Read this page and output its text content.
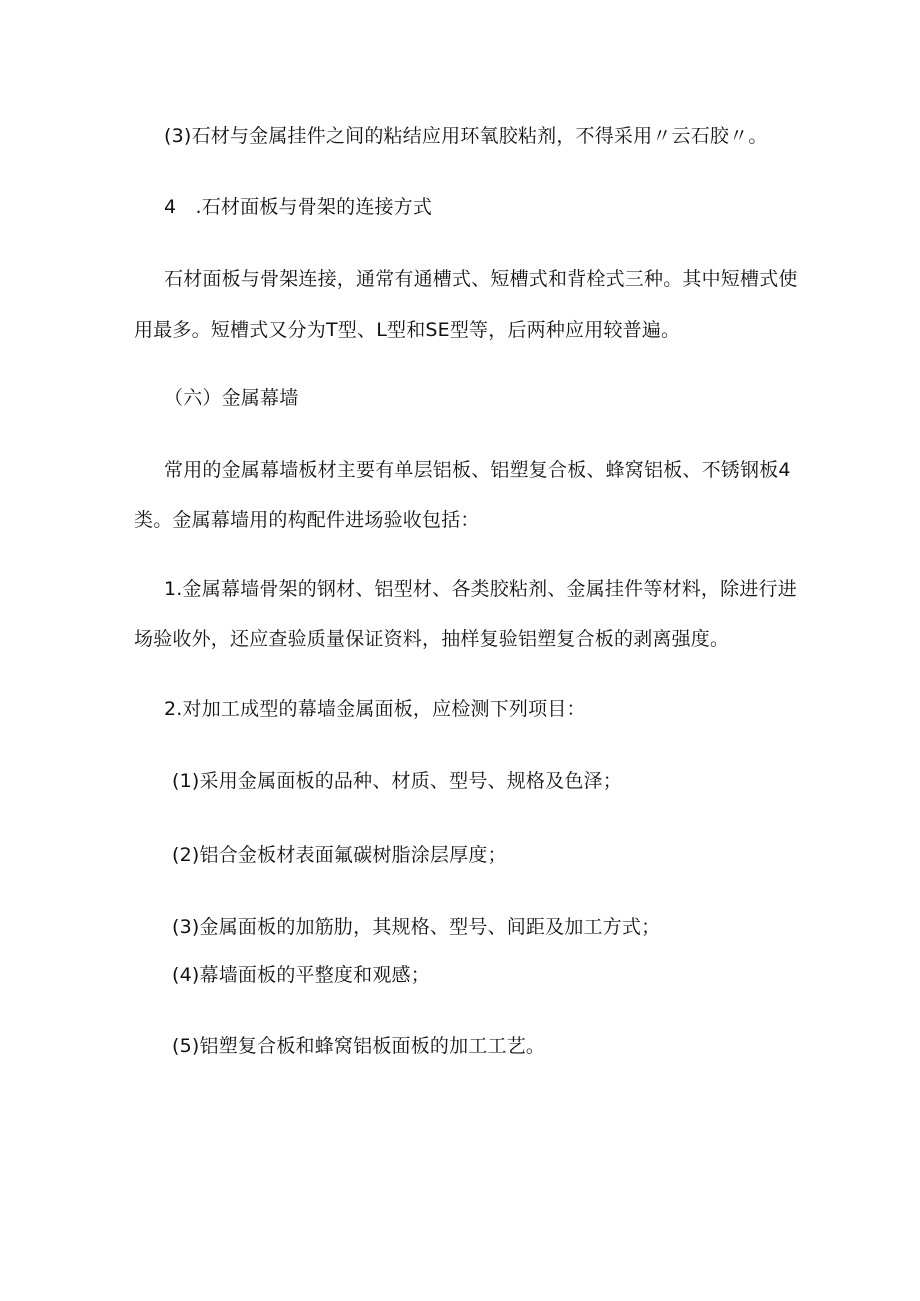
(3)石材与金属挂件之间的粘结应用环氧胶粘剂，不得采用〃云石胶〃。
4　.石材面板与骨架的连接方式
石材面板与骨架连接，通常有通槽式、短槽式和背栓式三种。其中短槽式使
用最多。短槽式又分为T型、L型和SE型等，后两种应用较普遍。
（六）金属幕墙
常用的金属幕墙板材主要有单层铝板、铝塑复合板、蜂窝铝板、不锈钢板4
类。金属幕墙用的构配件进场验收包括：
1.金属幕墙骨架的钢材、铝型材、各类胶粘剂、金属挂件等材料，除进行进
场验收外，还应查验质量保证资料，抽样复验铝塑复合板的剥离强度。
2.对加工成型的幕墙金属面板，应检测下列项目：
(1)采用金属面板的品种、材质、型号、规格及色泽；
(2)铝合金板材表面氟碳树脂涂层厚度；
(3)金属面板的加筋肋，其规格、型号、间距及加工方式；
(4)幕墙面板的平整度和观感；
(5)铝塑复合板和蜂窝铝板面板的加工工艺。
